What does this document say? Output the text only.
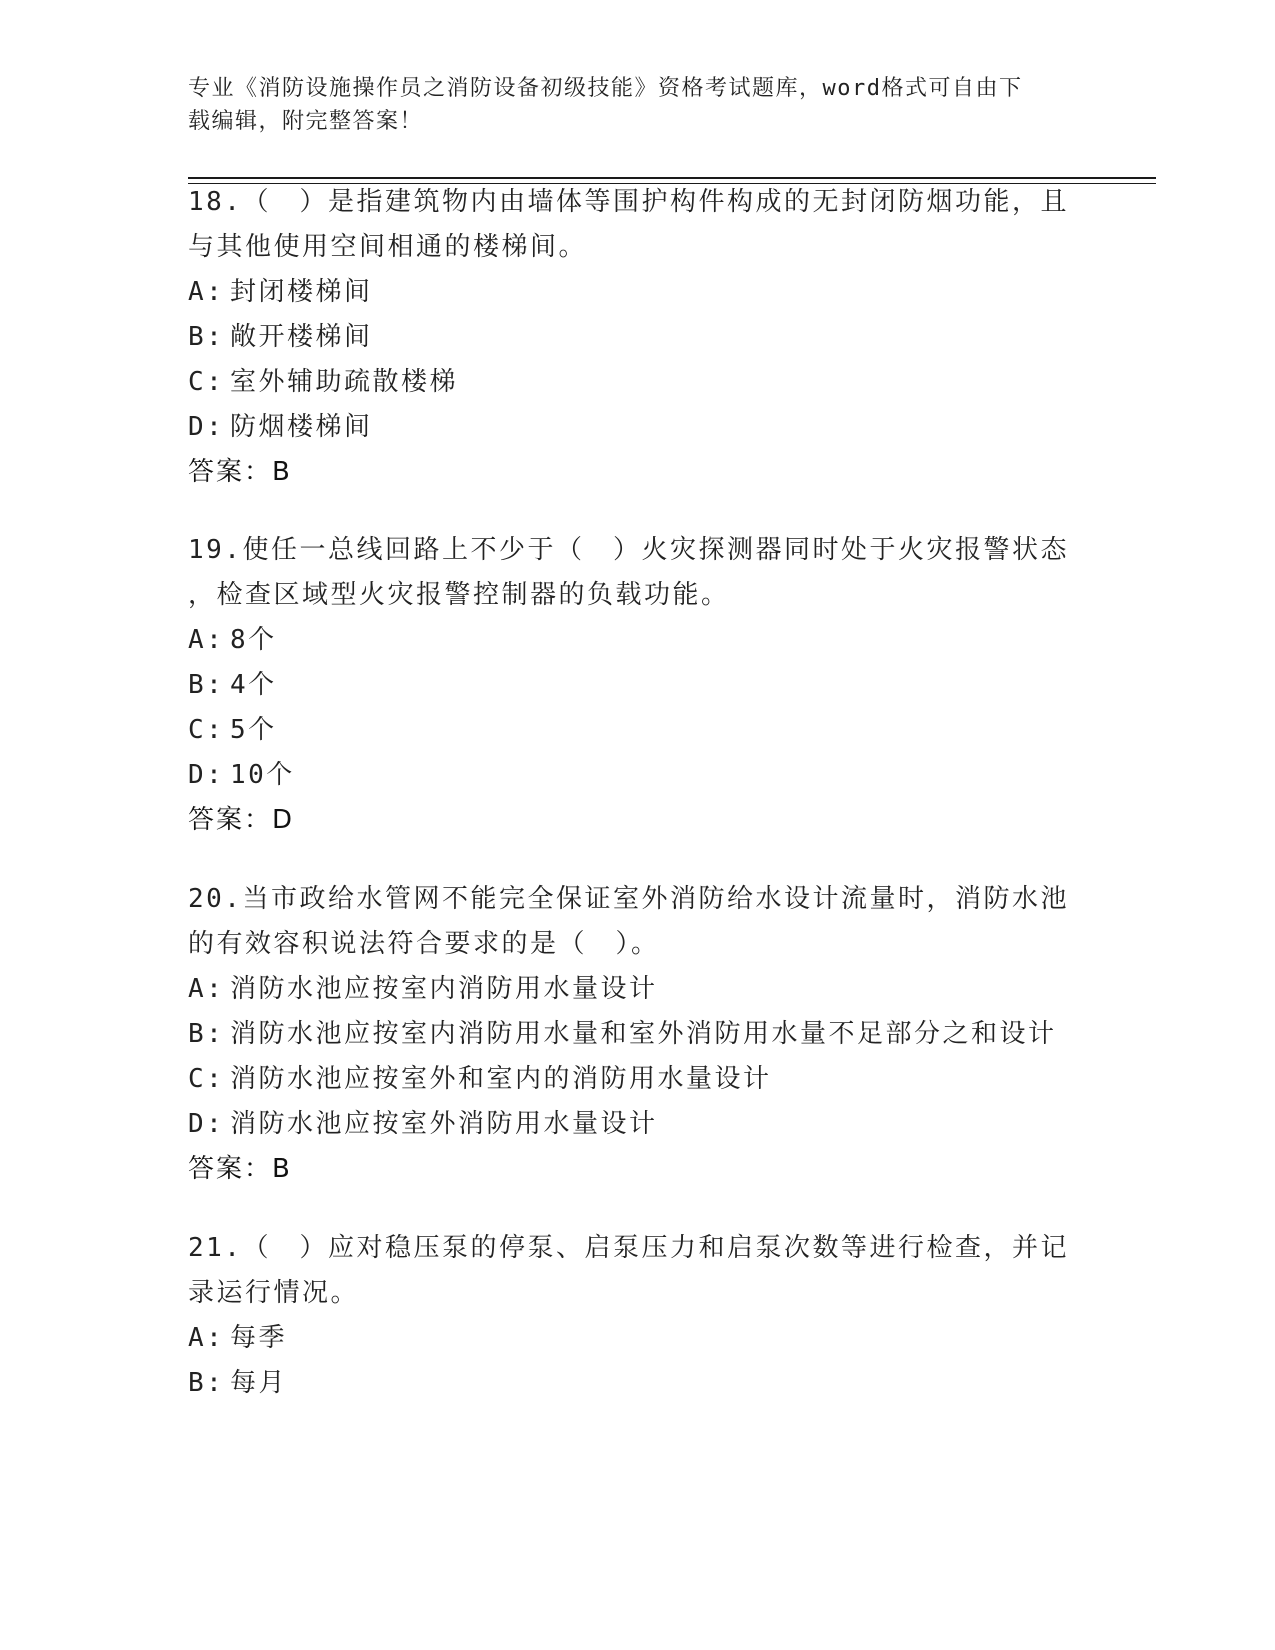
专业《消防设施操作员之消防设备初级技能》资格考试题库，word格式可自由下
载编辑，附完整答案！
18.（　）是指建筑物内由墙体等围护构件构成的无封闭防烟功能，且
与其他使用空间相通的楼梯间。
A: 封闭楼梯间
B: 敞开楼梯间
C: 室外辅助疏散楼梯
D: 防烟楼梯间
答案：B
19.使任一总线回路上不少于（　）火灾探测器同时处于火灾报警状态
，检查区域型火灾报警控制器的负载功能。
A: 8个
B: 4个
C: 5个
D: 10个
答案：D
20.当市政给水管网不能完全保证室外消防给水设计流量时，消防水池
的有效容积说法符合要求的是（　）。
A: 消防水池应按室内消防用水量设计
B: 消防水池应按室内消防用水量和室外消防用水量不足部分之和设计
C: 消防水池应按室外和室内的消防用水量设计
D: 消防水池应按室外消防用水量设计
答案：B
21.（　）应对稳压泵的停泵、启泵压力和启泵次数等进行检查，并记
录运行情况。
A: 每季
B: 每月
